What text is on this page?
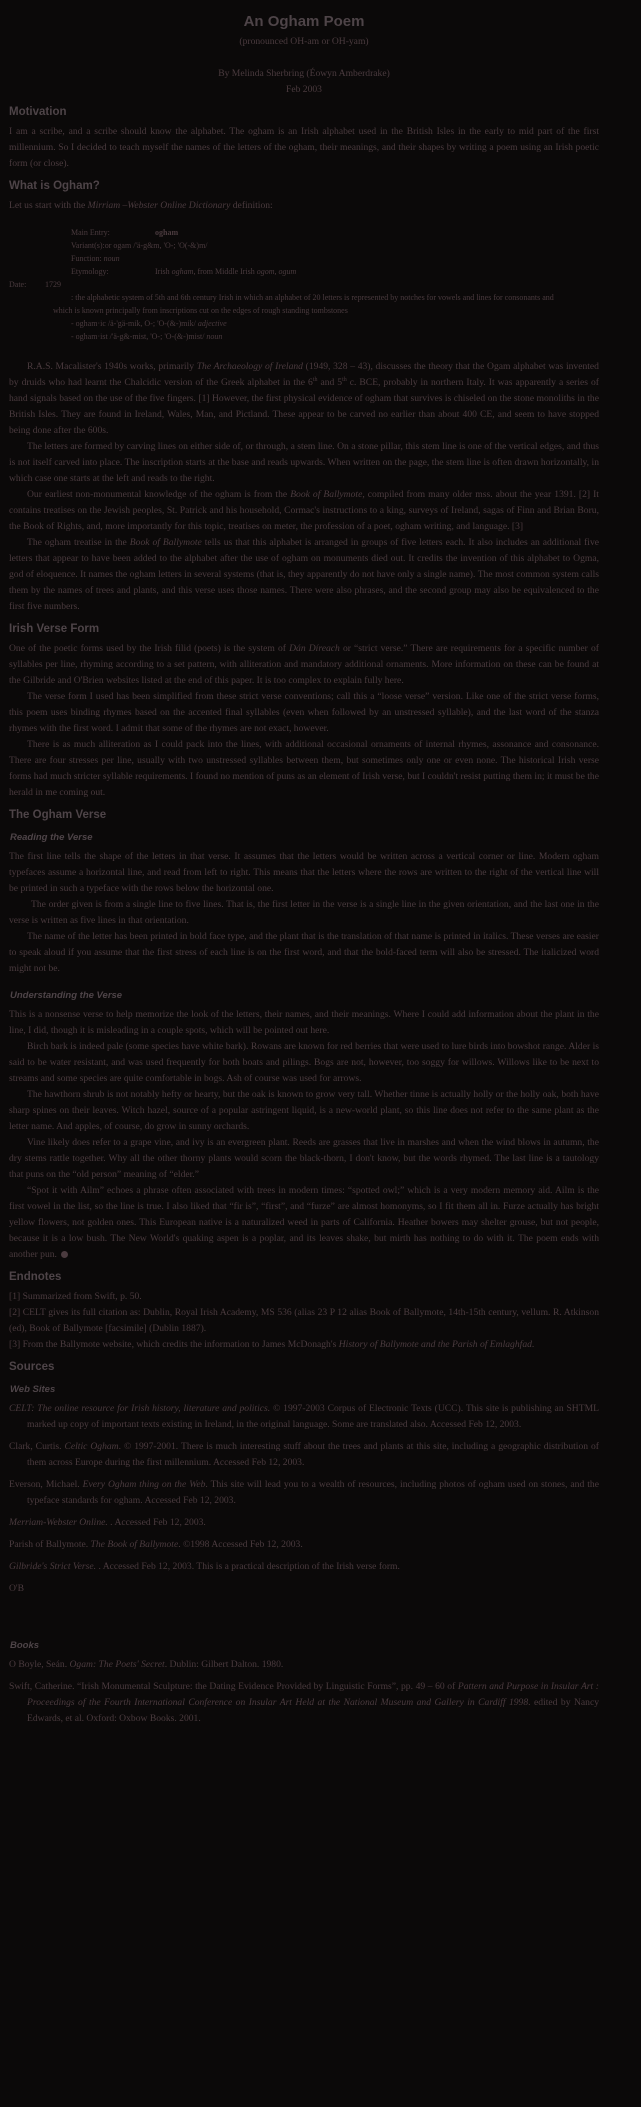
An Ogham Poem
(pronounced OH-am or OH-yam)
By Melinda Sherbring (Éowyn Amberdrake)
Feb 2003
Motivation

I am a scribe, and a scribe should know the alphabet. The ogham is an Irish alphabet used in the British Isles in the early to mid part of the first millennium. So I decided to teach myself the names of the letters of the ogham, their meanings, and their shapes by writing a poem using an Irish poetic form (or close).

What is Ogham?

Let us start with the Mirriam –Webster Online Dictionary definition:

Main Entry:	ogham
Variant(s):or ogam /'ä-g&m, 'O-; 'O(-&)m/
Function: noun
Etymology:	Irish ogham, from Middle Irish ogom, ogum
Date: 1729
: the alphabetic system of 5th and 6th century Irish in which an alphabet of 20 letters is represented by notches for vowels and lines for consonants and which is known principally from inscriptions cut on the edges of rough standing tombstones
- ogham·ic /ä-'gä-mik, O-; 'O-(&-)mik/ adjective
- ogham·ist /'ä-g&-mist, 'O-; 'O-(&-)mist/ noun

R.A.S. Macalister's 1940s works, primarily The Archaeology of Ireland (1949, 328 – 43), discusses the theory that the Ogam alphabet was invented by druids who had learnt the Chalcidic version of the Greek alphabet in the 6th and 5th c. BCE, probably in northern Italy. It was apparently a series of hand signals based on the use of the five fingers. [1] However, the first physical evidence of ogham that survives is chiseled on the stone monoliths in the British Isles. They are found in Ireland, Wales, Man, and Pictland. These appear to be carved no earlier than about 400 CE, and seem to have stopped being done after the 600s.

The letters are formed by carving lines on either side of, or through, a stem line. On a stone pillar, this stem line is one of the vertical edges, and thus is not itself carved into place. The inscription starts at the base and reads upwards. When written on the page, the stem line is often drawn horizontally, in which case one starts at the left and reads to the right.

Our earliest non-monumental knowledge of the ogham is from the Book of Ballymote, compiled from many older mss. about the year 1391. [2] It contains treatises on the Jewish peoples, St. Patrick and his household, Cormac's instructions to a king, surveys of Ireland, sagas of Finn and Brian Boru, the Book of Rights, and, more importantly for this topic, treatises on meter, the profession of a poet, ogham writing, and language. [3]

The ogham treatise in the Book of Ballymote tells us that this alphabet is arranged in groups of five letters each. It also includes an additional five letters that appear to have been added to the alphabet after the use of ogham on monuments died out. It credits the invention of this alphabet to Ogma, god of eloquence. It names the ogham letters in several systems (that is, they apparently do not have only a single name). The most common system calls them by the names of trees and plants, and this verse uses those names. There were also phrases, and the second group may also be equivalenced to the first five numbers.

Irish Verse Form

One of the poetic forms used by the Irish filid (poets) is the system of Dán Díreach or “strict verse.” There are requirements for a specific number of syllables per line, rhyming according to a set pattern, with alliteration and mandatory additional ornaments. More information on these can be found at the Gilbride and O'Brien websites listed at the end of this paper. It is too complex to explain fully here.

The verse form I used has been simplified from these strict verse conventions; call this a “loose verse” version. Like one of the strict verse forms, this poem uses binding rhymes based on the accented final syllables (even when followed by an unstressed syllable), and the last word of the stanza rhymes with the first word. I admit that some of the rhymes are not exact, however.

There is as much alliteration as I could pack into the lines, with additional occasional ornaments of internal rhymes, assonance and consonance. There are four stresses per line, usually with two unstressed syllables between them, but sometimes only one or even none. The historical Irish verse forms had much stricter syllable requirements. I found no mention of puns as an element of Irish verse, but I couldn't resist putting them in; it must be the herald in me coming out.

The Ogham Verse
Reading the Verse

The first line tells the shape of the letters in that verse. It assumes that the letters would be written across a vertical corner or line. Modern ogham typefaces assume a horizontal line, and read from left to right. This means that the letters where the rows are written to the right of the vertical line will be printed in such a typeface with the rows below the horizontal one.

The order given is from a single line to five lines. That is, the first letter in the verse is a single line in the given orientation, and the last one in the verse is written as five lines in that orientation.

The name of the letter has been printed in bold face type, and the plant that is the translation of that name is printed in italics. These verses are easier to speak aloud if you assume that the first stress of each line is on the first word, and that the bold-faced term will also be stressed. The italicized word might not be.

Understanding the Verse

This is a nonsense verse to help memorize the look of the letters, their names, and their meanings. Where I could add information about the plant in the line, I did, though it is misleading in a couple spots, which will be pointed out here.

Birch bark is indeed pale (some species have white bark). Rowans are known for red berries that were used to lure birds into bowshot range. Alder is said to be water resistant, and was used frequently for both boats and pilings. Bogs are not, however, too soggy for willows. Willows like to be next to streams and some species are quite comfortable in bogs. Ash of course was used for arrows.

The hawthorn shrub is not notably hefty or hearty, but the oak is known to grow very tall. Whether tinne is actually holly or the holly oak, both have sharp spines on their leaves. Witch hazel, source of a popular astringent liquid, is a new-world plant, so this line does not refer to the same plant as the letter name. And apples, of course, do grow in sunny orchards.

Vine likely does refer to a grape vine, and ivy is an evergreen plant. Reeds are grasses that live in marshes and when the wind blows in autumn, the dry stems rattle together. Why all the other thorny plants would scorn the black-thorn, I don't know, but the words rhymed. The last line is a tautology that puns on the “old person” meaning of “elder.”

“Spot it with Ailm” echoes a phrase often associated with trees in modern times: “spotted owl;” which is a very modern memory aid. Ailm is the first vowel in the list, so the line is true. I also liked that “fir is”, “first”, and “furze” are almost homonyms, so I fit them all in. Furze actually has bright yellow flowers, not golden ones. This European native is a naturalized weed in parts of California. Heather bowers may shelter grouse, but not people, because it is a low bush. The New World's quaking aspen is a poplar, and its leaves shake, but mirth has nothing to do with it. The poem ends with another pun.

Endnotes

[1] Summarized from Swift, p. 50.

[2] CELT gives its full citation as: Dublin, Royal Irish Academy, MS 536 (alias 23 P 12 alias Book of Ballymote, 14th-15th century, vellum. R. Atkinson (ed), Book of Ballymote [facsimile] (Dublin 1887).

[3] From the Ballymote website, which credits the information to James McDonagh's History of Ballymote and the Parish of Emlaghfad.

Sources
Web Sites

CELT: The online resource for Irish history, literature and politics. © 1997-2003 Corpus of Electronic Texts (UCC). This site is publishing an SHTML marked up copy of important texts existing in Ireland, in the original language. Some are translated also. Accessed Feb 12, 2003.

Clark, Curtis. Celtic Ogham. © 1997-2001. There is much interesting stuff about the trees and plants at this site, including a geographic distribution of them across Europe during the first millennium. Accessed Feb 12, 2003.

Everson, Michael. Every Ogham thing on the Web. This site will lead you to a wealth of resources, including photos of ogham used on stones, and the typeface standards for ogham. Accessed Feb 12, 2003.

Merriam-Webster Online. . Accessed Feb 12, 2003.

Parish of Ballymote. The Book of Ballymote. ©1998 Accessed Feb 12, 2003.

Gilbride's Strict Verse. . Accessed Feb 12, 2003. This is a practical description of the Irish verse form.

O'B

Books

O Boyle, Seán. Ogam: The Poets' Secret. Dublin: Gilbert Dalton. 1980.

Swift, Catherine. “Irish Monumental Sculpture: the Dating Evidence Provided by Linguistic Forms”, pp. 49 – 60 of Pattern and Purpose in Insular Art : Proceedings of the Fourth International Conference on Insular Art Held at the National Museum and Gallery in Cardiff 1998. edited by Nancy Edwards, et al. Oxford: Oxbow Books. 2001.
